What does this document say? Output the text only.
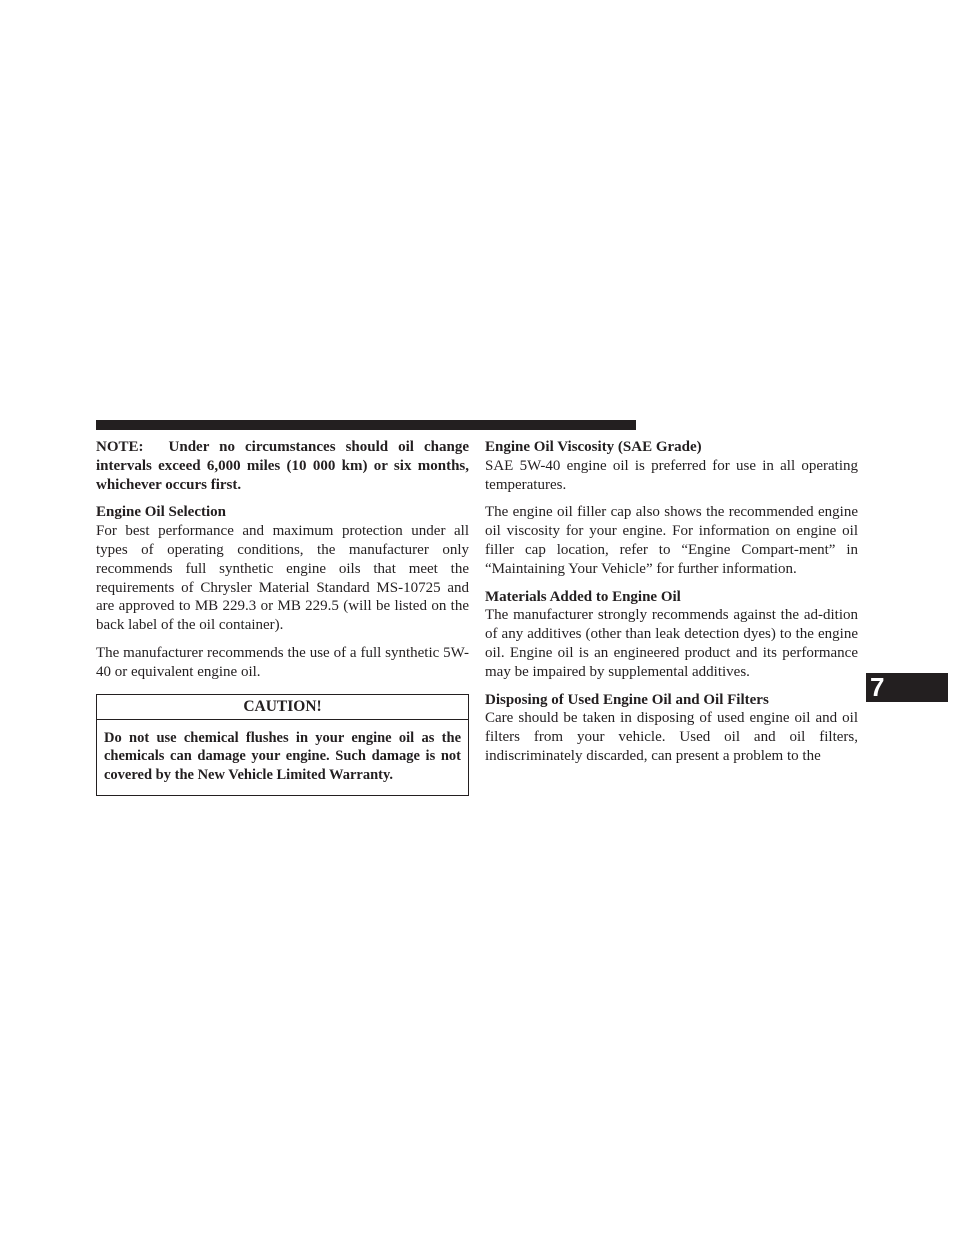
NOTE:  Under no circumstances should oil change intervals exceed 6,000 miles (10 000 km) or six months, whichever occurs first.

Engine Oil Selection

For best performance and maximum protection under all types of operating conditions, the manufacturer only recommends full synthetic engine oils that meet the requirements of Chrysler Material Standard MS-10725 and are approved to MB 229.3 or MB 229.5 (will be listed on the back label of the oil container).

The manufacturer recommends the use of a full synthetic 5W-40 or equivalent engine oil.

CAUTION!
Do not use chemical flushes in your engine oil as the chemicals can damage your engine. Such damage is not covered by the New Vehicle Limited Warranty.

Engine Oil Viscosity (SAE Grade)

SAE 5W-40 engine oil is preferred for use in all operating temperatures.

The engine oil filler cap also shows the recommended engine oil viscosity for your engine. For information on engine oil filler cap location, refer to “Engine Compart-ment” in “Maintaining Your Vehicle” for further information.

Materials Added to Engine Oil

The manufacturer strongly recommends against the ad-dition of any additives (other than leak detection dyes) to the engine oil. Engine oil is an engineered product and its performance may be impaired by supplemental additives.

Disposing of Used Engine Oil and Oil Filters

Care should be taken in disposing of used engine oil and oil filters from your vehicle. Used oil and oil filters, indiscriminately discarded, can present a problem to the

7
